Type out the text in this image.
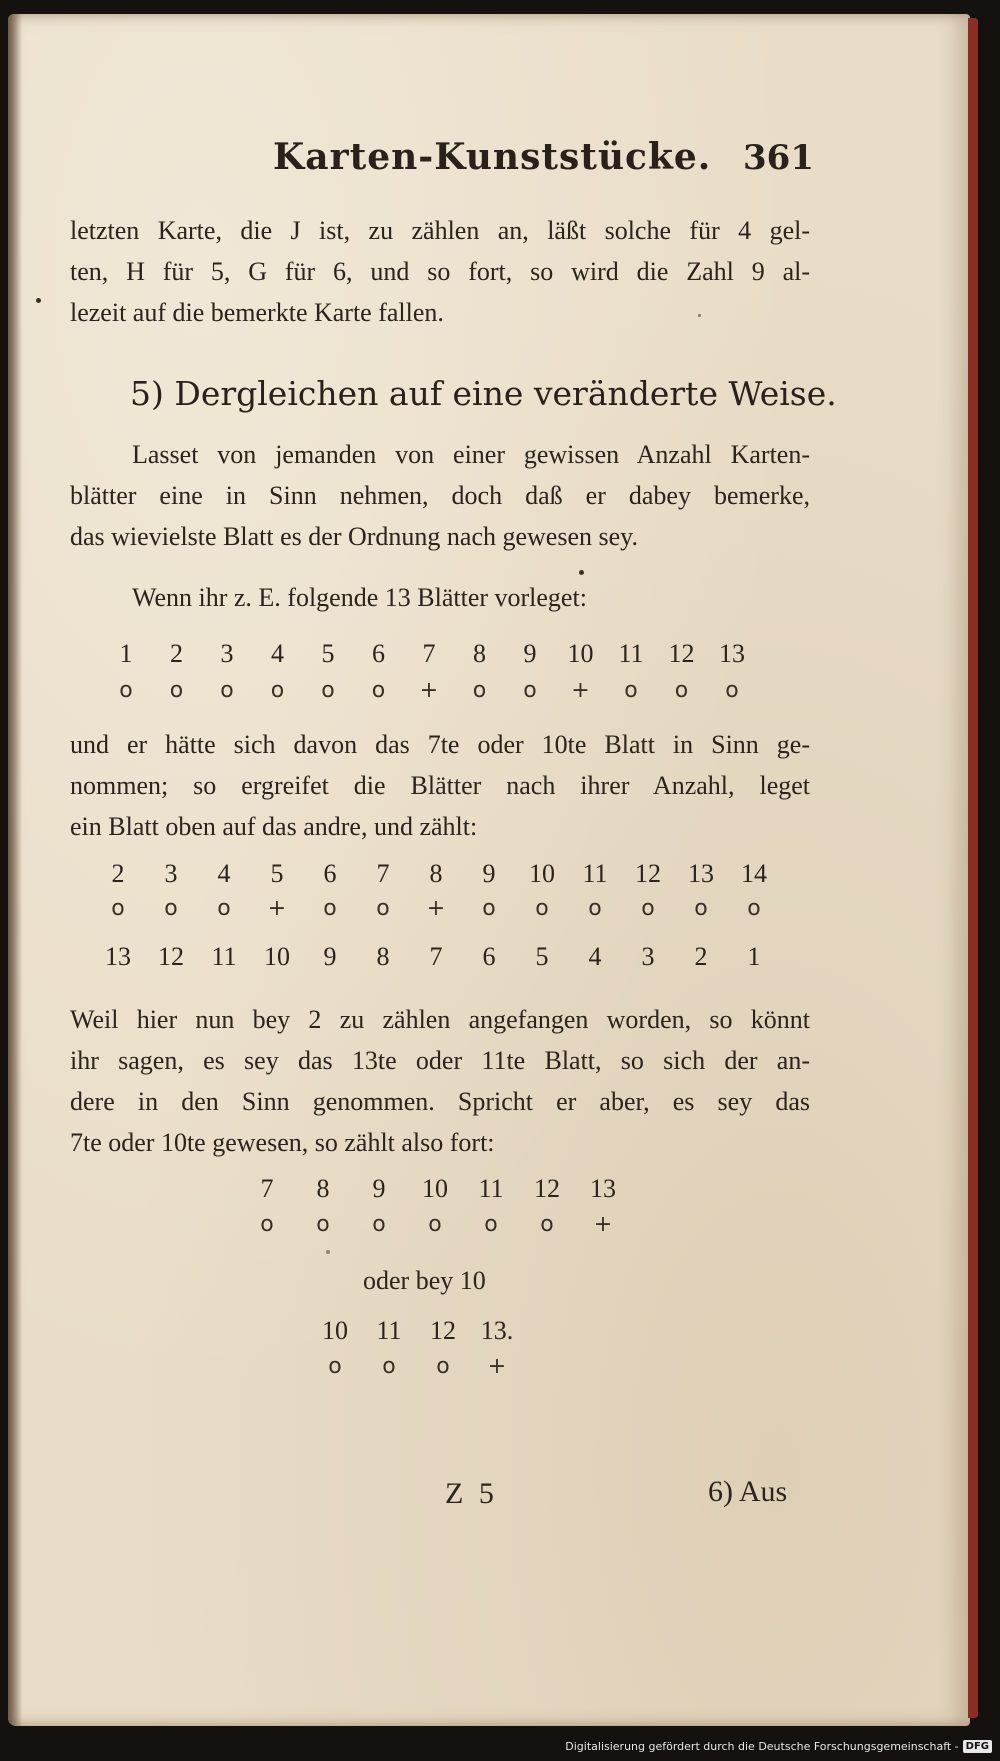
Karten-Kunststücke. 361

letzten Karte, die J ist, zu zählen an, läßt solche für 4 gel-
ten, H für 5, G für 6, und so fort, so wird die Zahl 9 al-
lezeit auf die bemerkte Karte fallen.

5) Dergleichen auf eine veränderte Weise.

Lasset von jemanden von einer gewissen Anzahl Karten-
blätter eine in Sinn nehmen, doch daß er dabey bemerke,
das wievielste Blatt es der Ordnung nach gewesen sey.

Wenn ihr z. E. folgende 13 Blätter vorleget:

1 2 3 4 5 6 7 8 9 10 11 12 13
o o o o o o + o o + o o o

und er hätte sich davon das 7te oder 10te Blatt in Sinn ge-
nommen; so ergreifet die Blätter nach ihrer Anzahl, leget
ein Blatt oben auf das andre, und zählt:

2 3 4 5 6 7 8 9 10 11 12 13 14
o o o + o o + o o o o o o
13 12 11 10 9 8 7 6 5 4 3 2 1

Weil hier nun bey 2 zu zählen angefangen worden, so könnt
ihr sagen, es sey das 13te oder 11te Blatt, so sich der an-
dere in den Sinn genommen. Spricht er aber, es sey das
7te oder 10te gewesen, so zählt also fort:

7 8 9 10 11 12 13
o o o o o o +
oder bey 10
10 11 12 13.
o o o +
Z 5	6) Aus
Digitalisierung gefördert durch die Deutsche Forschungsgemeinschaft - DFG
